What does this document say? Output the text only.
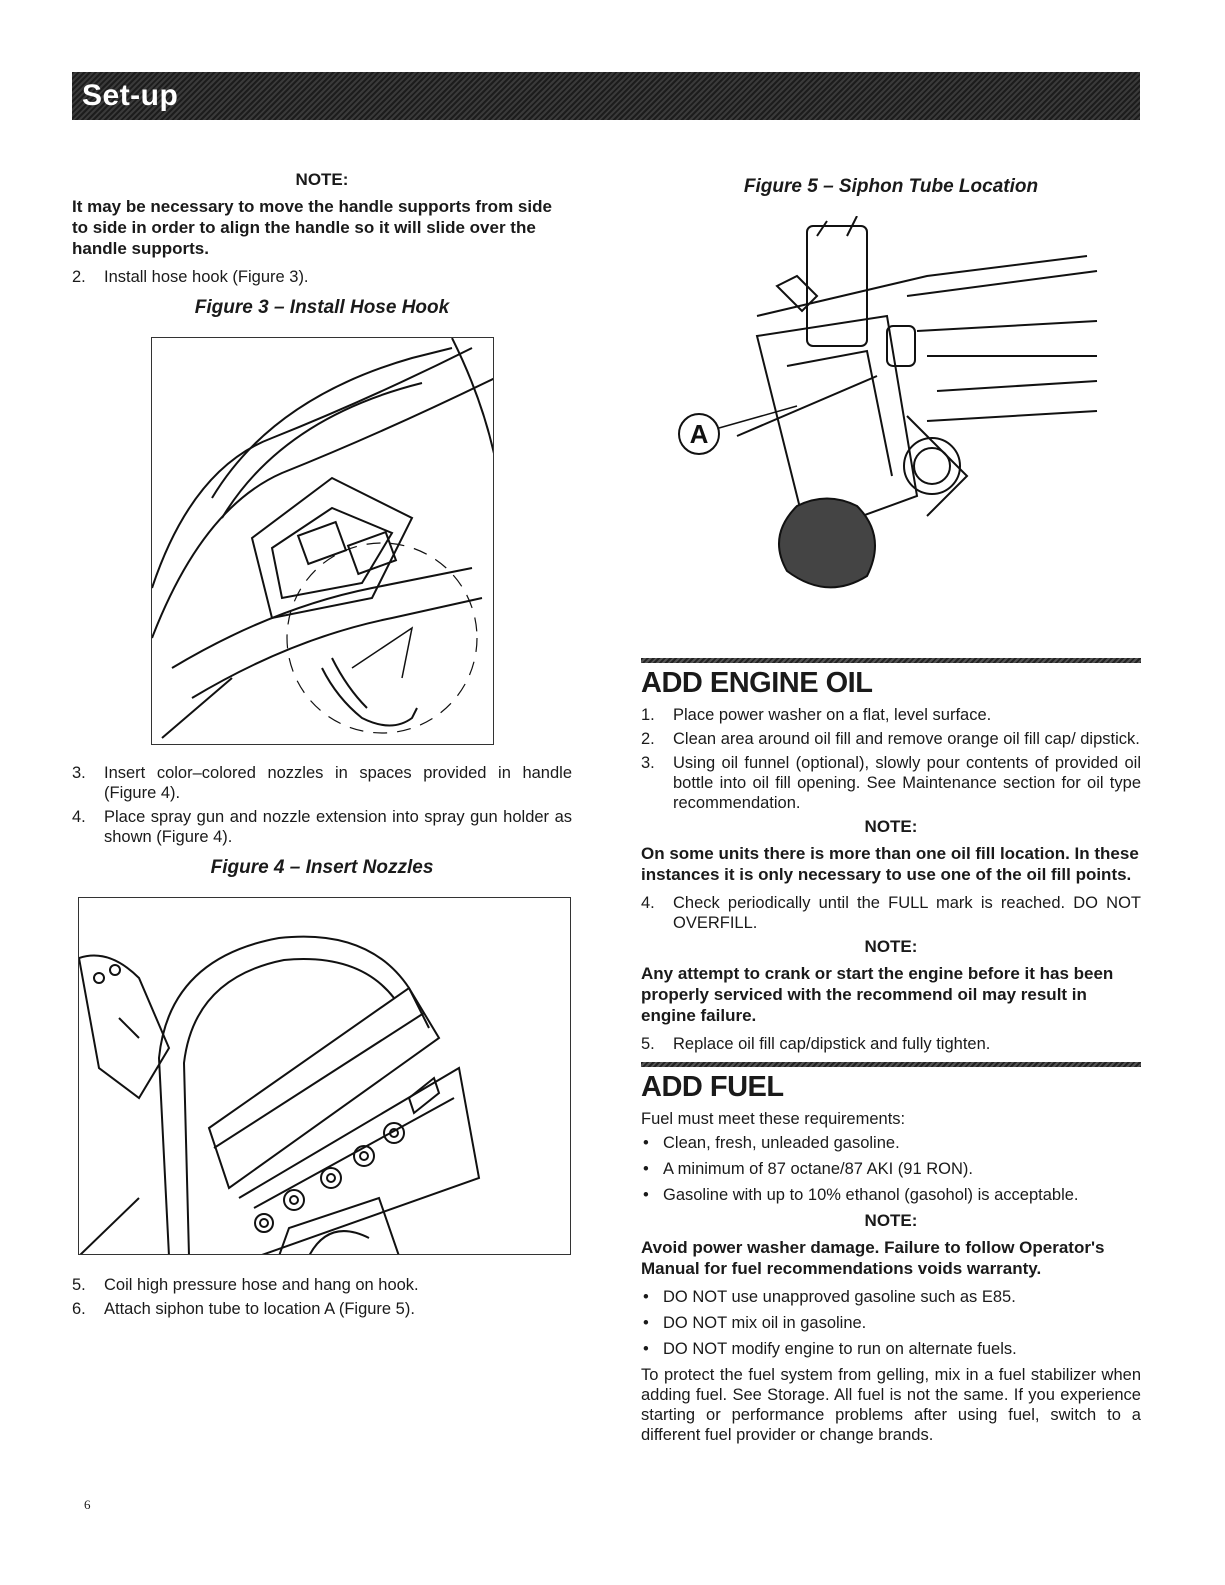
Set-up

NOTE:

It may be necessary to move the handle supports from side to side in order to align the handle so it will slide over the handle supports.

2.	Install hose hook (Figure 3).

Figure 3 – Install Hose Hook

3.	Insert color–colored nozzles in spaces provided in handle (Figure 4).
4.	Place spray gun and nozzle extension into spray gun holder as shown (Figure 4).

Figure 4 – Insert Nozzles

5.	Coil high pressure hose and hang on hook.
6.	Attach siphon tube to location A (Figure 5).

Figure 5 – Siphon Tube Location

A
ADD ENGINE OIL
1.	Place power washer on a flat, level surface.
2.	Clean area around oil fill and remove orange oil fill cap/ dipstick.
3.	Using oil funnel (optional), slowly pour contents of provided oil bottle into oil fill opening. See Maintenance section for oil type recommendation.

NOTE:

On some units there is more than one oil fill location. In these instances it is only necessary to use one of the oil fill points.

4.	Check periodically until the FULL mark is reached. DO NOT OVERFILL.

NOTE:

Any attempt to crank or start the engine before it has been properly serviced with the recommend oil may result in engine failure.

5.	Replace oil fill cap/dipstick and fully tighten.
ADD FUEL

Fuel must meet these requirements:

• Clean, fresh, unleaded gasoline.
• A minimum of 87 octane/87 AKI (91 RON).
• Gasoline with up to 10% ethanol (gasohol) is acceptable.

NOTE:

Avoid power washer damage. Failure to follow Operator's Manual for fuel recommendations voids warranty.

• DO NOT use unapproved gasoline such as E85.
• DO NOT mix oil in gasoline.
• DO NOT modify engine to run on alternate fuels.

To protect the fuel system from gelling, mix in a fuel stabilizer when adding fuel. See Storage. All fuel is not the same. If you experience starting or performance problems after using fuel, switch to a different fuel provider or change brands.

6
